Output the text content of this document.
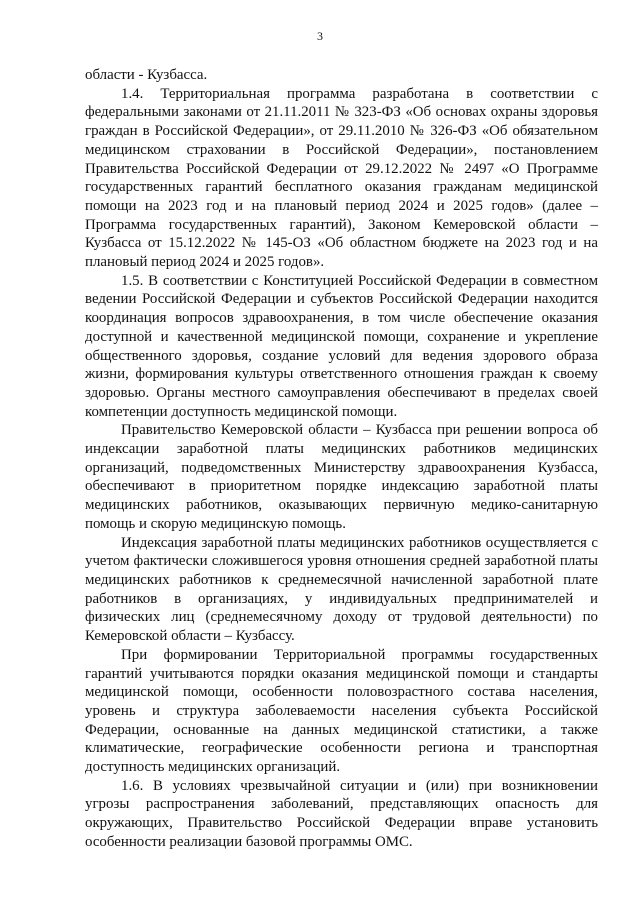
3

области - Кузбасса.

1.4. Территориальная программа разработана в соответствии с федеральными законами от 21.11.2011 № 323-ФЗ «Об основах охраны здоровья граждан в Российской Федерации», от 29.11.2010 № 326-ФЗ «Об обязательном медицинском страховании в Российской Федерации», постановлением Правительства Российской Федерации от 29.12.2022 № 2497 «О Программе государственных гарантий бесплатного оказания гражданам медицинской помощи на 2023 год и на плановый период 2024 и 2025 годов» (далее – Программа государственных гарантий), Законом Кемеровской области – Кузбасса от 15.12.2022 № 145-ОЗ «Об областном бюджете на 2023 год и на плановый период 2024 и 2025 годов».

1.5. В соответствии с Конституцией Российской Федерации в совместном ведении Российской Федерации и субъектов Российской Федерации находится координация вопросов здравоохранения, в том числе обеспечение оказания доступной и качественной медицинской помощи, сохранение и укрепление общественного здоровья, создание условий для ведения здорового образа жизни, формирования культуры ответственного отношения граждан к своему здоровью. Органы местного самоуправления обеспечивают в пределах своей компетенции доступность медицинской помощи.

Правительство Кемеровской области – Кузбасса при решении вопроса об индексации заработной платы медицинских работников медицинских организаций, подведомственных Министерству здравоохранения Кузбасса, обеспечивают в приоритетном порядке индексацию заработной платы медицинских работников, оказывающих первичную медико-санитарную помощь и скорую медицинскую помощь.

Индексация заработной платы медицинских работников осуществляется с учетом фактически сложившегося уровня отношения средней заработной платы медицинских работников к среднемесячной начисленной заработной плате работников в организациях, у индивидуальных предпринимателей и физических лиц (среднемесячному доходу от трудовой деятельности) по Кемеровской области – Кузбассу.

При формировании Территориальной программы государственных гарантий учитываются порядки оказания медицинской помощи и стандарты медицинской помощи, особенности половозрастного состава населения, уровень и структура заболеваемости населения субъекта Российской Федерации, основанные на данных медицинской статистики, а также климатические, географические особенности региона и транспортная доступность медицинских организаций.

1.6. В условиях чрезвычайной ситуации и (или) при возникновении угрозы распространения заболеваний, представляющих опасность для окружающих, Правительство Российской Федерации вправе установить особенности реализации базовой программы ОМС.
